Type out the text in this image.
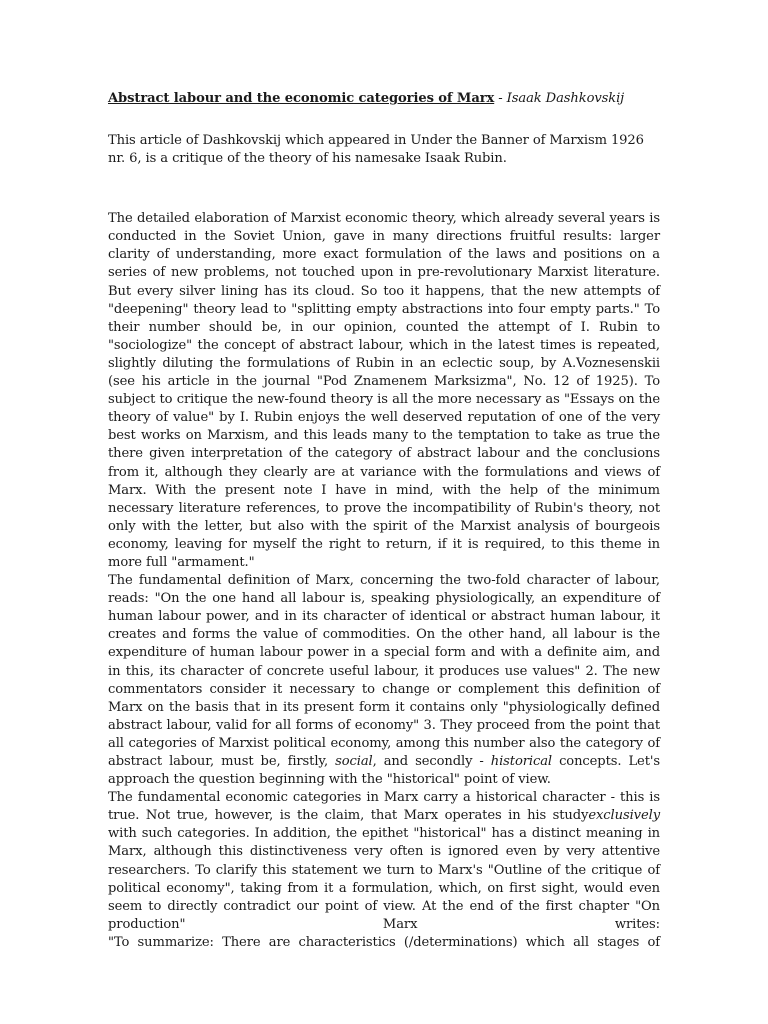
Abstract labour and the economic categories of Marx - Isaak Dashkovskij

This article of Dashkovskij which appeared in Under the Banner of Marxism 1926 nr. 6, is a critique of the theory of his namesake Isaak Rubin.

The detailed elaboration of Marxist economic theory, which already several years is conducted in the Soviet Union, gave in many directions fruitful results: larger clarity of understanding, more exact formulation of the laws and positions on a series of new problems, not touched upon in pre-revolutionary Marxist literature. But every silver lining has its cloud. So too it happens, that the new attempts of "deepening" theory lead to "splitting empty abstractions into four empty parts." To their number should be, in our opinion, counted the attempt of I. Rubin to "sociologize" the concept of abstract labour, which in the latest times is repeated, slightly diluting the formulations of Rubin in an eclectic soup, by A.Voznesenskii (see his article in the journal "Pod Znamenem Marksizma", No. 12 of 1925). To subject to critique the new-found theory is all the more necessary as "Essays on the theory of value" by I. Rubin enjoys the well deserved reputation of one of the very best works on Marxism, and this leads many to the temptation to take as true the there given interpretation of the category of abstract labour and the conclusions from it, although they clearly are at variance with the formulations and views of Marx. With the present note I have in mind, with the help of the minimum necessary literature references, to prove the incompatibility of Rubin's theory, not only with the letter, but also with the spirit of the Marxist analysis of bourgeois economy, leaving for myself the right to return, if it is required, to this theme in more full "armament."

The fundamental definition of Marx, concerning the two-fold character of labour, reads: "On the one hand all labour is, speaking physiologically, an expenditure of human labour power, and in its character of identical or abstract human labour, it creates and forms the value of commodities. On the other hand, all labour is the expenditure of human labour power in a special form and with a definite aim, and in this, its character of concrete useful labour, it produces use values" 2. The new commentators consider it necessary to change or complement this definition of Marx on the basis that in its present form it contains only "physiologically defined abstract labour, valid for all forms of economy" 3. They proceed from the point that all categories of Marxist political economy, among this number also the category of abstract labour, must be, firstly, social, and secondly - historical concepts. Let's approach the question beginning with the "historical" point of view.

The fundamental economic categories in Marx carry a historical character - this is true. Not true, however, is the claim, that Marx operates in his studyexclusively with such categories. In addition, the epithet "historical" has a distinct meaning in Marx, although this distinctiveness very often is ignored even by very attentive researchers. To clarify this statement we turn to Marx's "Outline of the critique of political economy", taking from it a formulation, which, on first sight, would even seem to directly contradict our point of view. At the end of the first chapter "On production" Marx writes:

"To summarize: There are characteristics (/determinations) which all stages of
